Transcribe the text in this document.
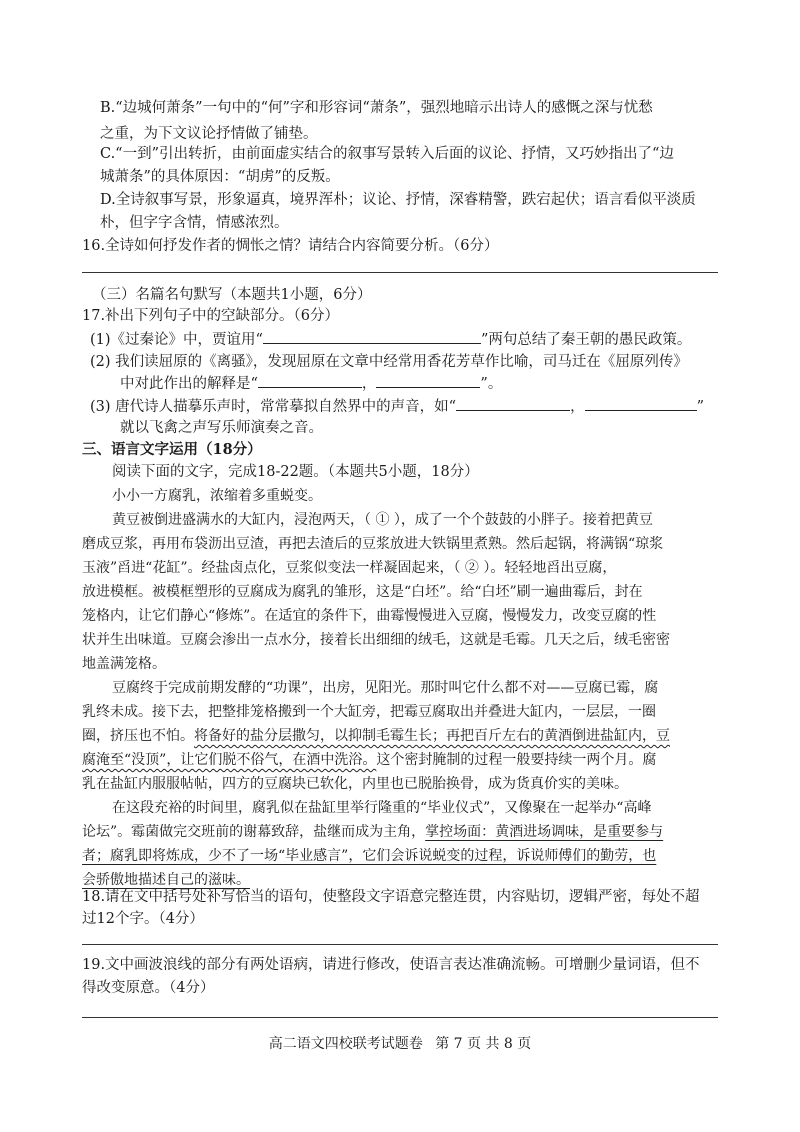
B.“边城何萧条”一句中的“何”字和形容词“萧条”，强烈地暗示出诗人的感慨之深与忧愁
之重，为下文议论抒情做了铺垫。
C.“一到”引出转折，由前面虚实结合的叙事写景转入后面的议论、抒情，又巧妙指出了“边
城萧条”的具体原因：“胡虏”的反叛。
D.全诗叙事写景，形象逼真，境界浑朴；议论、抒情，深睿精警，跌宕起伏；语言看似平淡质
朴，但字字含情，情感浓烈。
16.全诗如何抒发作者的惆怅之情？请结合内容简要分析。（6分）
（三）名篇名句默写（本题共1小题，6分）
17.补出下列句子中的空缺部分。（6分）
(1)《过秦论》中，贾谊用“	”两句总结了秦王朝的愚民政策。
(2) 我们读屈原的《离骚》，发现屈原在文章中经常用香花芳草作比喻，司马迁在《屈原列传》
中对此作出的解释是“	，	”。
(3) 唐代诗人描摹乐声时，常常摹拟自然界中的声音，如“	，	”
就以飞禽之声写乐师演奏之音。
三、语言文字运用（18分）
阅读下面的文字，完成18-22题。（本题共5小题，18分）
小小一方腐乳，浓缩着多重蜕变。
黄豆被倒进盛满水的大缸内，浸泡两天，（ ① ），成了一个个鼓鼓的小胖子。接着把黄豆
磨成豆浆，再用布袋沥出豆渣，再把去渣后的豆浆放进大铁锅里煮熟。然后起锅，将满锅“琼浆
玉液”舀进“花缸”。经盐卤点化，豆浆似变法一样凝固起来，（ ② ）。轻轻地舀出豆腐，
放进模框。被模框塑形的豆腐成为腐乳的雏形，这是“白坯”。给“白坯”刷一遍曲霉后，封在
笼格内，让它们静心“修炼”。在适宜的条件下，曲霉慢慢进入豆腐，慢慢发力，改变豆腐的性
状并生出味道。豆腐会渗出一点水分，接着长出细细的绒毛，这就是毛霉。几天之后，绒毛密密
地盖满笼格。
豆腐终于完成前期发酵的“功课”，出房，见阳光。那时叫它什么都不对——豆腐已霉，腐
乳终未成。接下去，把整排笼格搬到一个大缸旁，把霉豆腐取出并叠进大缸内，一层层，一圈
圈，挤压也不怕。将备好的盐分层撒匀，以抑制毛霉生长；再把百斤左右的黄酒倒进盐缸内，豆
腐淹至“没顶”，让它们脱不俗气，在酒中洗浴。这个密封腌制的过程一般要持续一两个月。腐
乳在盐缸内服服帖帖，四方的豆腐块已软化，内里也已脱胎换骨，成为货真价实的美味。
在这段充裕的时间里，腐乳似在盐缸里举行隆重的“毕业仪式”，又像聚在一起举办“高峰
论坛”。霉菌做完交班前的谢幕致辞，盐继而成为主角，掌控场面：黄酒进场调味，是重要参与
者；腐乳即将炼成，少不了一场“毕业感言”，它们会诉说蜕变的过程，诉说师傅们的勤劳，也
会骄傲地描述自己的滋味。
18.请在文中括号处补写恰当的语句，使整段文字语意完整连贯，内容贴切，逻辑严密，每处不超
过12个字。（4分）
19.文中画波浪线的部分有两处语病，请进行修改，使语言表达准确流畅。可增删少量词语，但不
得改变原意。（4分）
高二语文四校联考试题卷 第 7 页 共 8 页
